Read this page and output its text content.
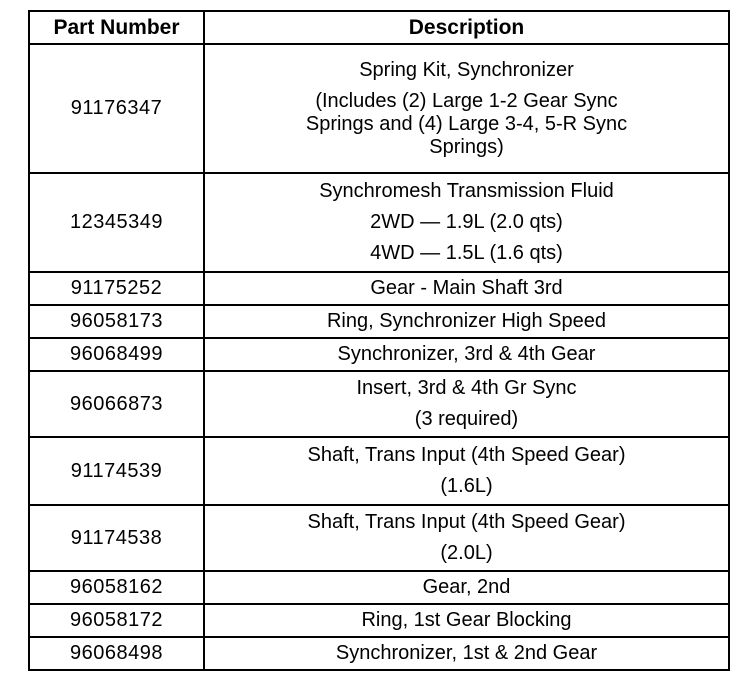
Part Number	Description
91176347	Spring Kit, Synchronizer
(Includes (2) Large 1-2 Gear Sync
Springs and (4) Large 3-4, 5-R Sync
Springs)

12345349	Synchromesh Transmission Fluid
2WD — 1.9L (2.0 qts)
4WD — 1.5L (1.6 qts)

91175252	Gear - Main Shaft 3rd

96058173	Ring, Synchronizer High Speed

96068499	Synchronizer, 3rd & 4th Gear

96066873	Insert, 3rd & 4th Gr Sync
(3 required)

91174539	Shaft, Trans Input (4th Speed Gear)
(1.6L)

91174538	Shaft, Trans Input (4th Speed Gear)
(2.0L)

96058162	Gear, 2nd

96058172	Ring, 1st Gear Blocking

96068498	Synchronizer, 1st & 2nd Gear
